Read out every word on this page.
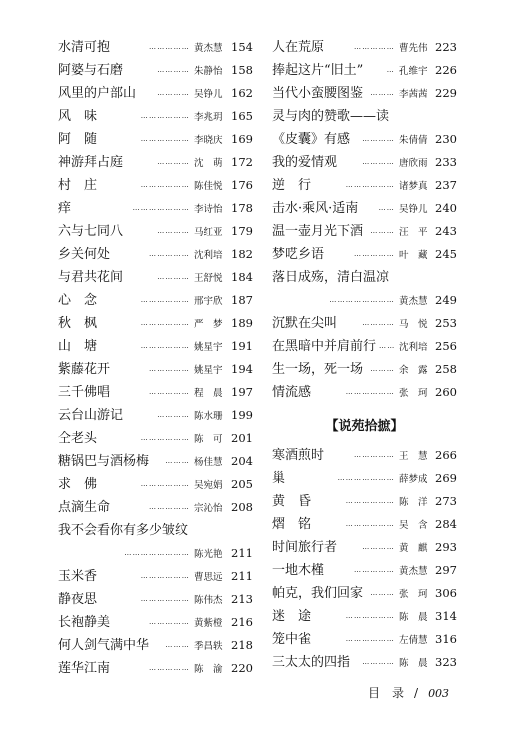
水清可抱	…………… 黄杰慧 154
阿婆与石磨	………… 朱静怡 158
风里的户部山	………… 吴铮儿 162
风　味	……………… 李兆玥 165
阿　随	……………… 李晓庆 169
神游拜占庭	………… 沈　萌 172
村　庄	……………… 陈佳悦 176
痒	………………… 李诗怡 178
六与七同八	………… 马红亚 179
乡关何处	…………… 沈利培 182
与君共花间	………… 王舒悦 184
心　念	……………… 邢宇欣 187
秋　枫	……………… 严　梦 189
山　塘	……………… 姚星宇 191
紫藤花开	…………… 姚星宇 194
三千佛唱	…………… 程　晨 197
云台山游记	………… 陈水珊 199
仝老头	……………… 陈　可 201
糖锅巴与酒杨梅	……… 杨佳慧 204
求　佛	……………… 吴宛娟 205
点滴生命	…………… 宗沁怡 208
我不会看你有多少皱纹
…………………… 陈光艳 211
玉米香	……………… 曹思远 211
静夜思	……………… 陈伟杰 213
长袍静美	…………… 黄紫橙 216
何人剑气满中华	……… 季昌轶 218
莲华江南	…………… 陈　渝 220
人在荒原	…………… 曹先伟 223
捧起这片“旧土”	… 孔维宇 226
当代小蛮腰图鉴	……… 李茜茜 229
灵与肉的赞歌——读
《皮囊》有感	………… 朱倩倩 230
我的爱情观	………… 唐欣雨 233
逆　行	……………… 诸梦真 237
击水·乘风·适南	…… 吴铮儿 240
温一壶月光下酒	……… 汪　平 243
梦呓乡语	…………… 叶　藏 245
落日成殇，清白温凉
…………………… 黄杰慧 249
沉默在尖叫	………… 马　悦 253
在黑暗中并肩前行 …… 沈利培 256
生一场，死一场	……… 余　露 258
情流感	……………… 张　珂 260
【说苑拾摭】
寒酒煎时	…………… 王　慧 266
巢	………………… 薛梦成 269
黄　昏	……………… 陈　洋 273
熠　铭	……………… 吴　含 284
时间旅行者	………… 黄　麒 293
一地木槿	…………… 黄杰慧 297
帕克，我们回家	……… 张　珂 306
迷　途	……………… 陈　晨 314
笼中雀	……………… 左倩慧 316
三太太的四指	………… 陈　晨 323
目　录 / 003
